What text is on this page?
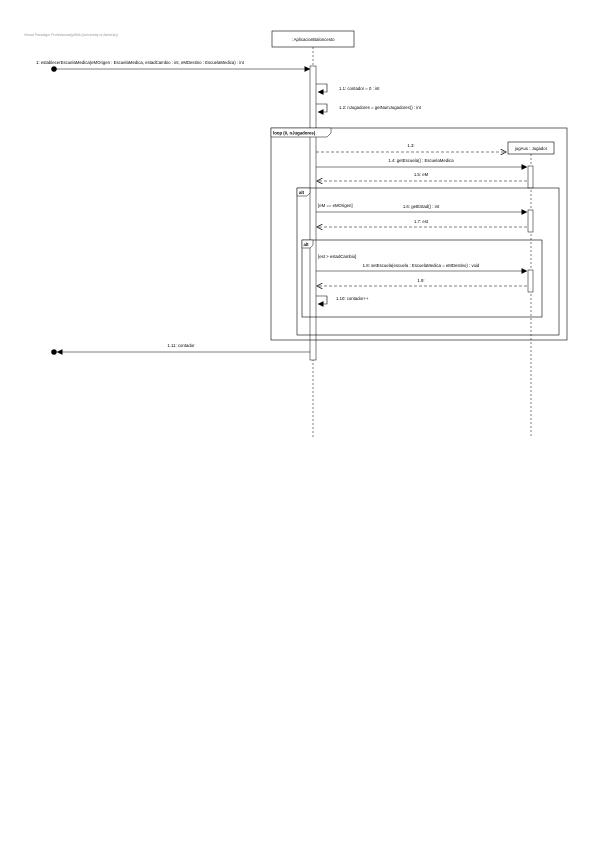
Visual Paradigm Professional(pBML(University of Almeria))
: AplicacionBaloncesto
loop (0, nJugadores)
jugAux : Jugador
alt
[eM == eMOrigen]
alt
[est > estadCambio]
1: establecerEscuelaMedica(eMOrigen : EscuelaMedica, estadCambio : int, eMDestino : EscuelaMedica) : int
1.1: contador = 0 : int
1.2: nJugadores = getNumJugadores() : int
1.3:
1.4: getEscuela() : EscuelaMedica
1.5: eM
1.6: getEstad() : int
1.7: est
1.8: setEscuela(escuela : EscuelaMedica = eMDestino) : void
1.9:
1.10: contador++
1.11: contador
